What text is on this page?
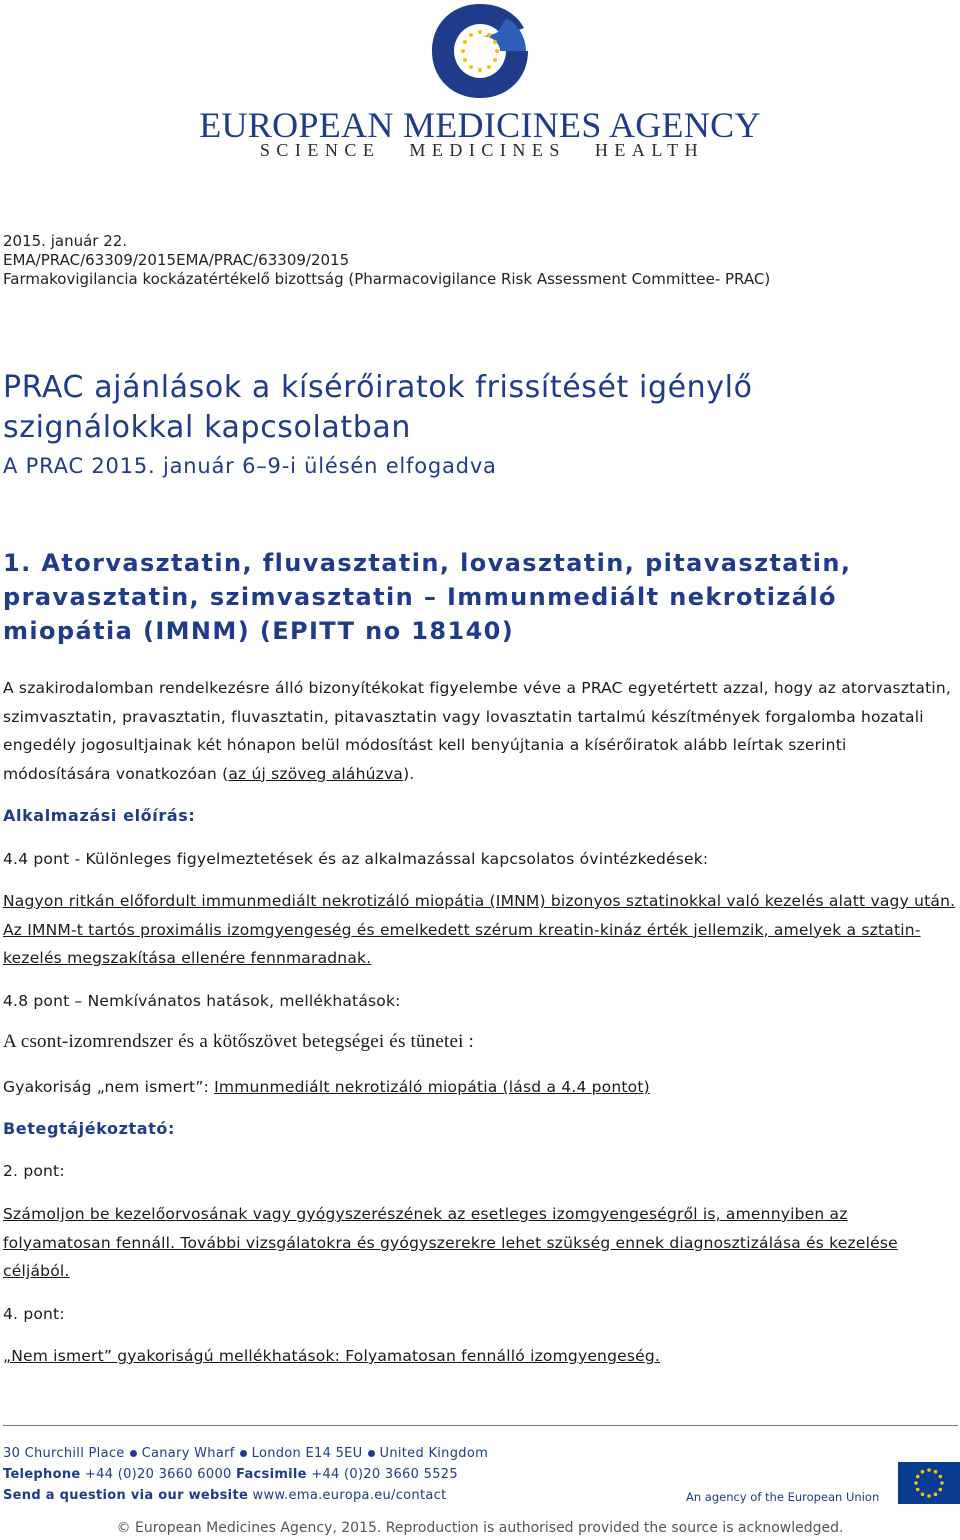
EUROPEAN MEDICINES AGENCY
SCIENCE MEDICINES HEALTH
2015. január 22.
EMA/PRAC/63309/2015EMA/PRAC/63309/2015
Farmakovigilancia kockázatértékelő bizottság (Pharmacovigilance Risk Assessment Committee- PRAC)
PRAC ajánlások a kísérőiratok frissítését igénylő szignálokkal kapcsolatban
A PRAC 2015. január 6–9-i ülésén elfogadva
1. Atorvasztatin, fluvasztatin, lovasztatin, pitavasztatin, pravasztatin, szimvasztatin – Immunmediált nekrotizáló miopátia (IMNM) (EPITT no 18140)

A szakirodalomban rendelkezésre álló bizonyítékokat figyelembe véve a PRAC egyetértett azzal, hogy az atorvasztatin, szimvasztatin, pravasztatin, fluvasztatin, pitavasztatin vagy lovasztatin tartalmú készítmények forgalomba hozatali engedély jogosultjainak két hónapon belül módosítást kell benyújtania a kísérőiratok alább leírtak szerinti módosítására vonatkozóan (az új szöveg aláhúzva).

Alkalmazási előírás:
4.4 pont - Különleges figyelmeztetések és az alkalmazással kapcsolatos óvintézkedések:

Nagyon ritkán előfordult immunmediált nekrotizáló miopátia (IMNM) bizonyos sztatinokkal való kezelés alatt vagy után. Az IMNM-t tartós proximális izomgyengeség és emelkedett szérum kreatin-kináz érték jellemzik, amelyek a sztatin-kezelés megszakítása ellenére fennmaradnak.

4.8 pont – Nemkívánatos hatások, mellékhatások:
A csont-izomrendszer és a kötőszövet betegségei és tünetei :
Gyakoriság „nem ismert”: Immunmediált nekrotizáló miopátia (lásd a 4.4 pontot)
Betegtájékoztató:
2. pont:

Számoljon be kezelőorvosának vagy gyógyszerészének az esetleges izomgyengeségről is, amennyiben az folyamatosan fennáll. További vizsgálatokra és gyógyszerekre lehet szükség ennek diagnosztizálása és kezelése céljából.

4. pont:
„Nem ismert” gyakoriságú mellékhatások: Folyamatosan fennálló izomgyengeség.
30 Churchill Place Canary Wharf London E14 5EU United Kingdom
Telephone +44 (0)20 3660 6000 Facsimile +44 (0)20 3660 5525
Send a question via our website www.ema.europa.eu/contact	An agency of the European Union
© European Medicines Agency, 2015. Reproduction is authorised provided the source is acknowledged.
